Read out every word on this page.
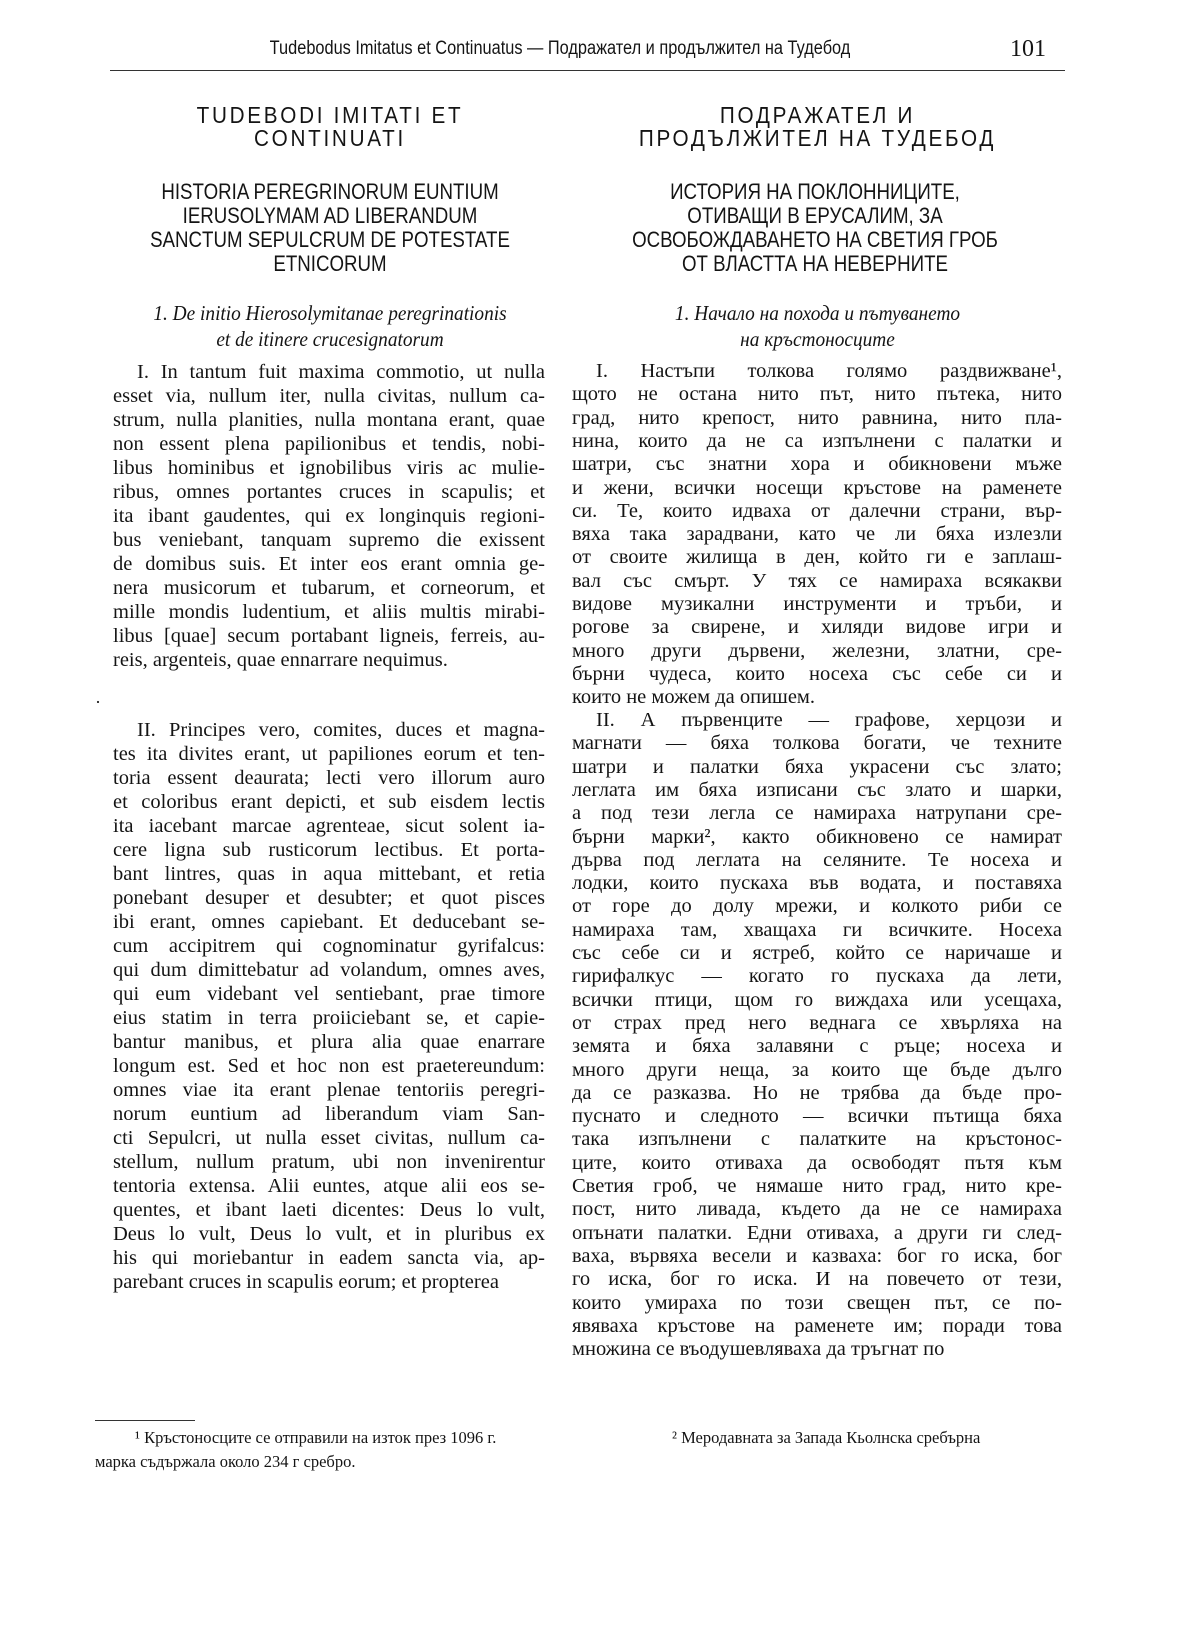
Tudebodus Imitatus et Continuatus — Подражател и продължител на Тудебод	101
TUDEBODI IMITATI ET
CONTINUATI
HISTORIA PEREGRINORUM EUNTIUM
IERUSOLYMAM AD LIBERANDUM
SANCTUM SEPULCRUM DE POTESTATE
ETNICORUM
1. De initio Hierosolymitanae peregrinationis
et de itinere crucesignatorum
ПОДРАЖАТЕЛ И
ПРОДЪЛЖИТЕЛ НА ТУДЕБОД
ИСТОРИЯ НА ПОКЛОННИЦИТЕ,
ОТИВАЩИ В ЕРУСАЛИМ, ЗА
ОСВОБОЖДАВАНЕТО НА СВЕТИЯ ГРОБ
ОТ ВЛАСТТА НА НЕВЕРНИТЕ
1. Начало на похода и пътуването
на кръстоносците
I. In tantum fuit maxima commotio, ut nulla
esset via, nullum iter, nulla civitas, nullum ca-
strum, nulla planities, nulla montana erant, quae
non essent plena papilionibus et tendis, nobi-
libus hominibus et ignobilibus viris ac mulie-
ribus, omnes portantes cruces in scapulis; et
ita ibant gaudentes, qui ex longinquis regioni-
bus veniebant, tanquam supremo die exissent
de domibus suis. Et inter eos erant omnia ge-
nera musicorum et tubarum, et corneorum, et
mille mondis ludentium, et aliis multis mirabi-
libus [quae] secum portabant ligneis, ferreis, au-
reis, argenteis, quae ennarrare nequimus.
·
II. Principes vero, comites, duces et magna-
tes ita divites erant, ut papiliones eorum et ten-
toria essent deaurata; lecti vero illorum auro
et coloribus erant depicti, et sub eisdem lectis
ita iacebant marcae agrenteae, sicut solent ia-
cere ligna sub rusticorum lectibus. Et porta-
bant lintres, quas in aqua mittebant, et retia
ponebant desuper et desubter; et quot pisces
ibi erant, omnes capiebant. Et deducebant se-
cum accipitrem qui cognominatur gyrifalcus:
qui dum dimittebatur ad volandum, omnes aves,
qui eum videbant vel sentiebant, prae timore
eius statim in terra proiiciebant se, et capie-
bantur manibus, et plura alia quae enarrare
longum est. Sed et hoc non est praetereundum:
omnes viae ita erant plenae tentoriis peregri-
norum euntium ad liberandum viam San-
cti Sepulcri, ut nulla esset civitas, nullum ca-
stellum, nullum pratum, ubi non invenirentur
tentoria extensa. Alii euntes, atque alii eos se-
quentes, et ibant laeti dicentes: Deus lo vult,
Deus lo vult, Deus lo vult, et in pluribus ex
his qui moriebantur in eadem sancta via, ap-
parebant cruces in scapulis eorum; et propterea
I. Настъпи толкова голямо раздвижване¹,
щото не остана нито път, нито пътека, нито
град, нито крепост, нито равнина, нито пла-
нина, които да не са изпълнени с палатки и
шатри, със знатни хора и обикновени мъже
и жени, всички носещи кръстове на раменете
си. Те, които идваха от далечни страни, вър-
вяха така зарадвани, като че ли бяха излезли
от своите жилища в ден, който ги е заплаш-
вал със смърт. У тях се намираха всякакви
видове музикални инструменти и тръби, и
рогове за свирене, и хиляди видове игри и
много други дървени, железни, златни, сре-
бърни чудеса, които носеха със себе си и
които не можем да опишем.
II. А първенците — графове, херцози и
магнати — бяха толкова богати, че техните
шатри и палатки бяха украсени със злато;
леглата им бяха изписани със злато и шарки,
а под тези легла се намираха натрупани сре-
бърни марки², както обикновено се намират
дърва под леглата на селяните. Те носеха и
лодки, които пускаха във водата, и поставяха
от горе до долу мрежи, и колкото риби се
намираха там, хващаха ги всичките. Носеха
със себе си и ястреб, който се наричаше и
гирифалкус — когато го пускаха да лети,
всички птици, щом го виждаха или усещаха,
от страх пред него веднага се хвърляха на
земята и бяха залавяни с ръце; носеха и
много други неща, за които ще бъде дълго
да се разказва. Но не трябва да бъде про-
пуснато и следното — всички пътища бяха
така изпълнени с палатките на кръстонос-
ците, които отиваха да освободят пътя към
Светия гроб, че нямаше нито град, нито кре-
пост, нито ливада, където да не се намираха
опънати палатки. Едни отиваха, а други ги след-
ваха, вървяха весели и казваха: бог го иска, бог
го иска, бог го иска. И на повечето от тези,
които умираха по този свещен път, се по-
явяваха кръстове на раменете им; поради това
множина се въодушевляваха да тръгнат по
¹ Кръстоносците се отправили на изток през 1096 г.	² Меродавната за Запада Кьолнска сребърна
марка съдържала около 234 г сребро.
